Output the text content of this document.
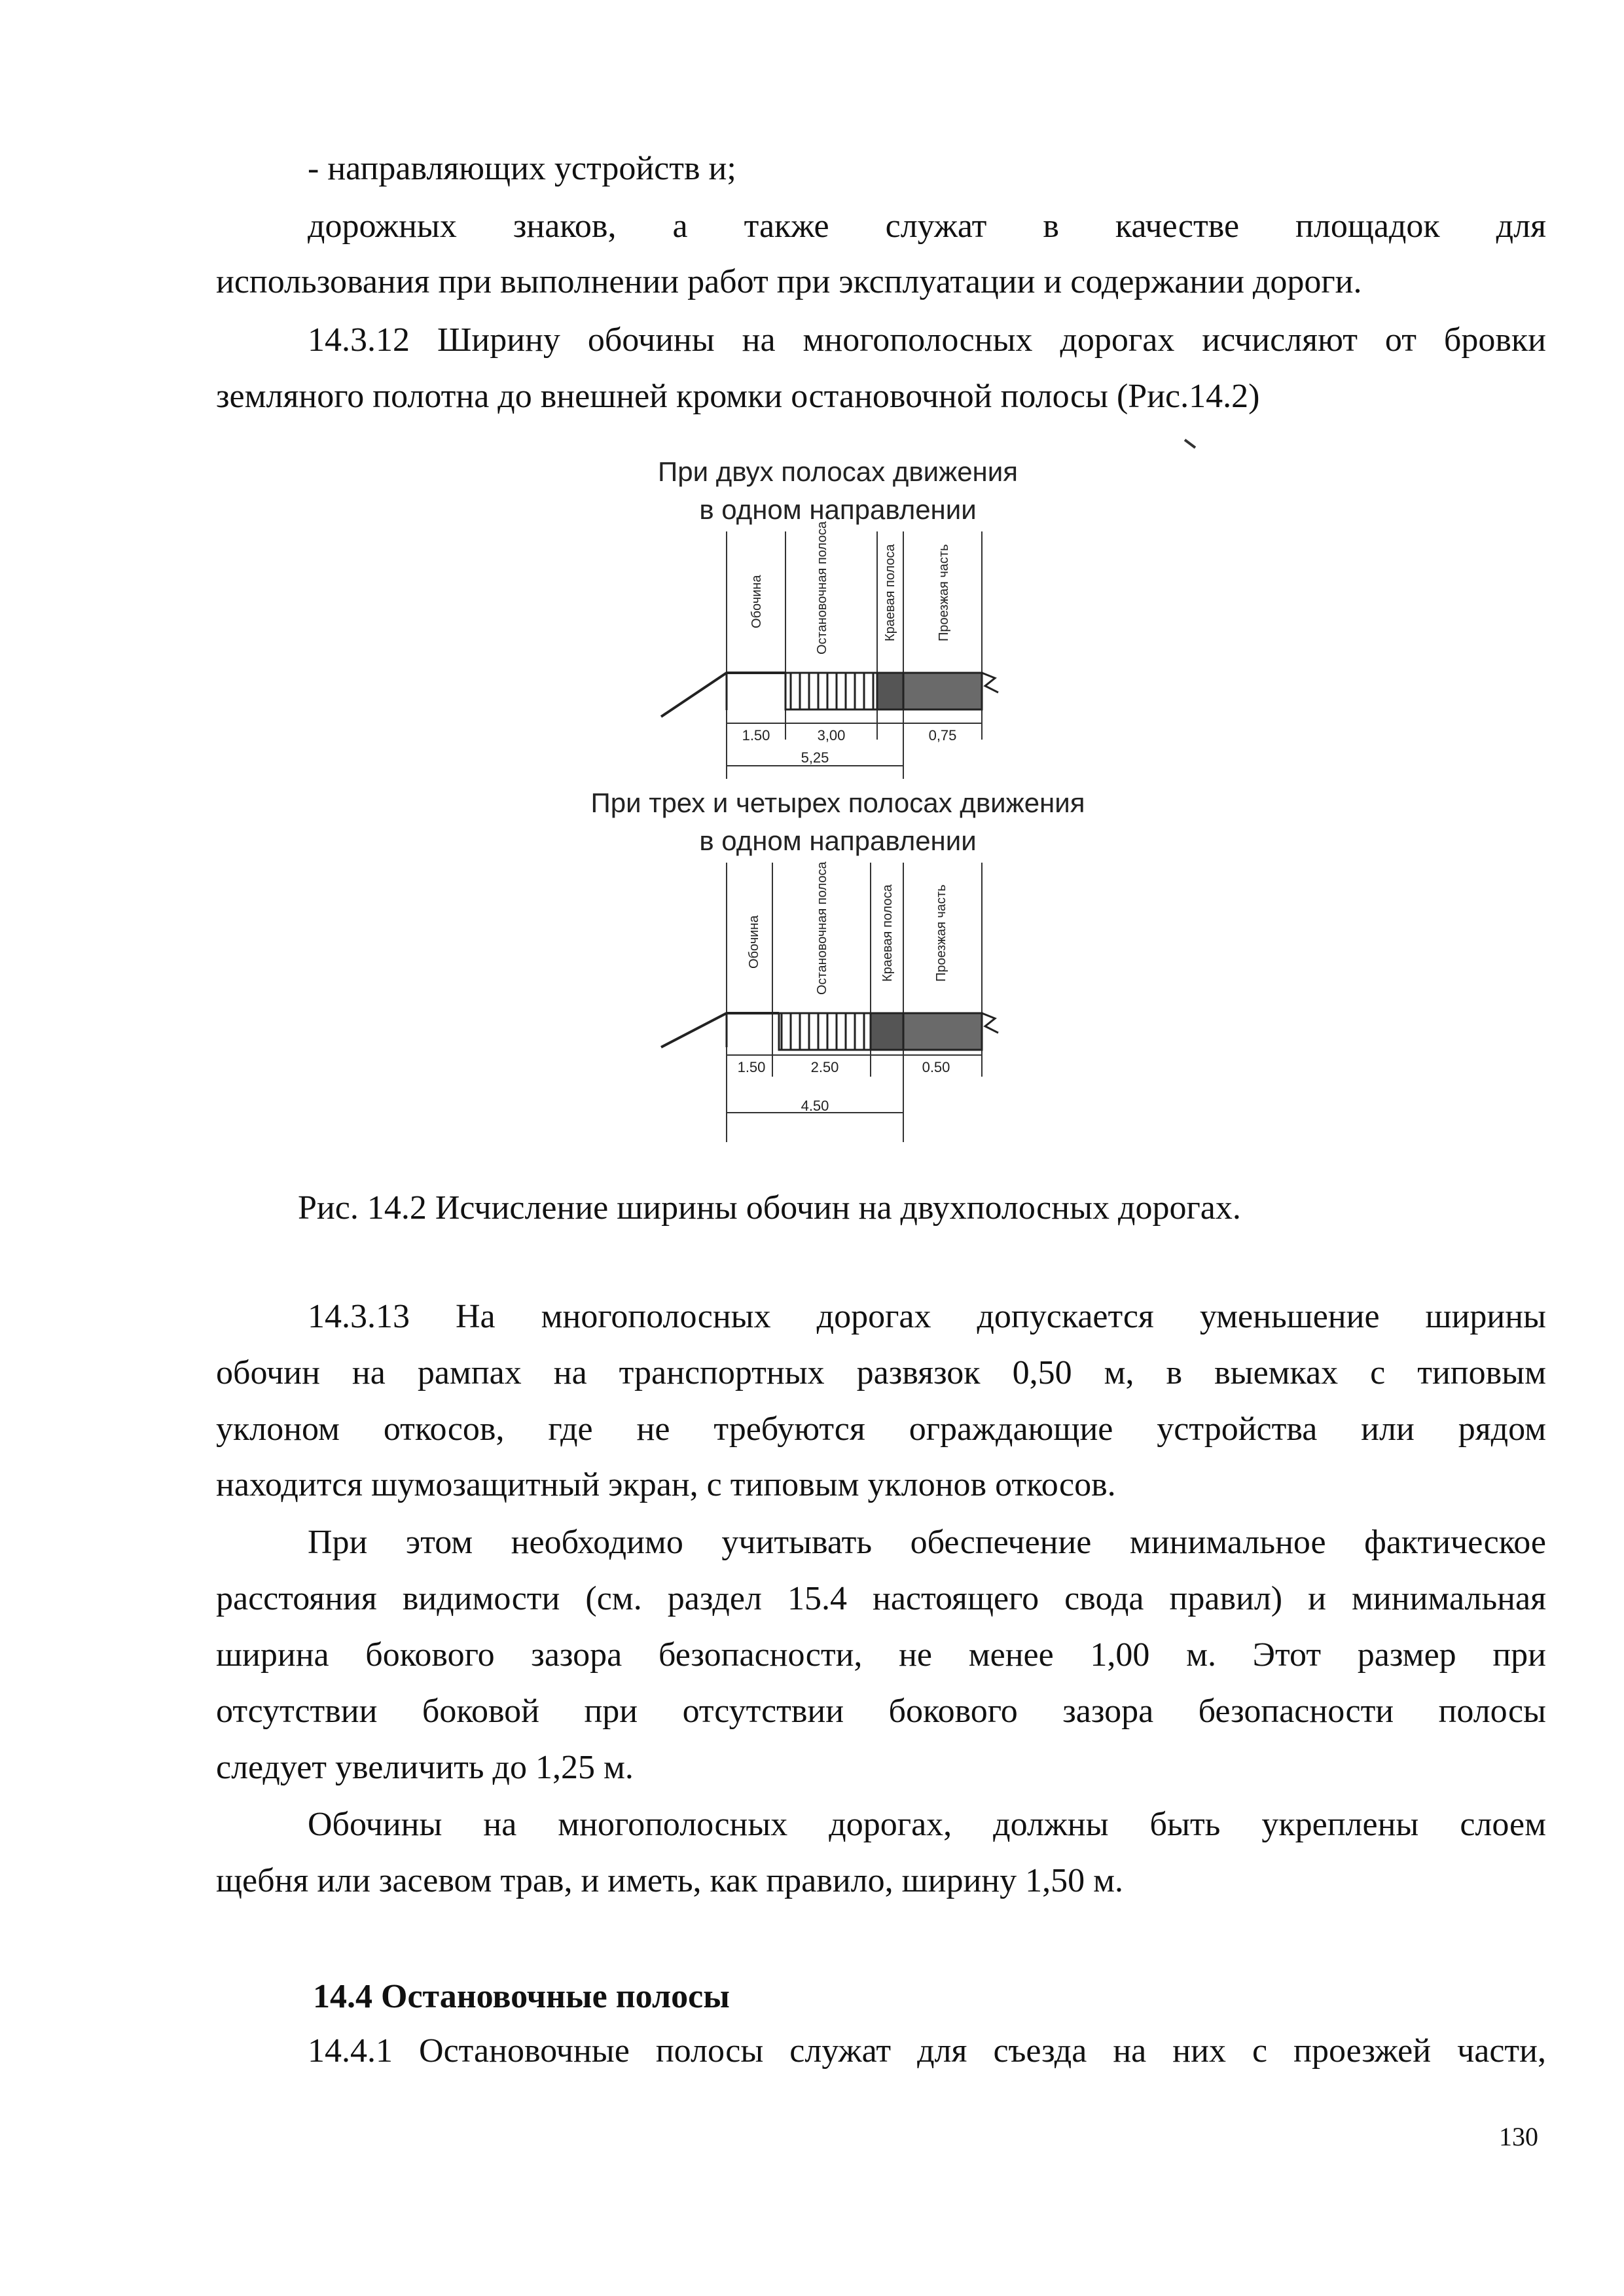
- направляющих устройств и;
дорожных знаков, а также служат в качестве площадок для
использования при выполнении работ при эксплуатации и содержании дороги.
14.3.12 Ширину обочины на многополосных дорогах исчисляют от бровки
земляного полотна до внешней кромки остановочной полосы (Рис.14.2)
При двух полосах движения
в одном направлении
При трех и четырех полосах движения
в одном направлении
Обочина	Остановочная полоса	Краевая полоса	Проезжая часть
1.50	3,00	0,75
5,25
Обочина	Остановочная полоса	Краевая полоса	Проезжая часть
1.50	2.50	0.50
4.50
Рис. 14.2 Исчисление ширины обочин на двухполосных дорогах.
14.3.13 На многополосных дорогах допускается уменьшение ширины
обочин на рампах на транспортных развязок 0,50 м, в выемках с типовым
уклоном откосов, где не требуются ограждающие устройства или рядом
находится шумозащитный экран, с типовым уклонов откосов.
При этом необходимо учитывать обеспечение минимальное фактическое
расстояния видимости (см. раздел 15.4 настоящего свода правил) и минимальная
ширина бокового зазора безопасности, не менее 1,00 м. Этот размер при
отсутствии боковой при отсутствии бокового зазора безопасности полосы
следует увеличить до 1,25 м.
Обочины на многополосных дорогах, должны быть укреплены слоем
щебня или засевом трав, и иметь, как правило, ширину 1,50 м.
14.4 Остановочные полосы
14.4.1 Остановочные полосы служат для съезда на них с проезжей части,
130
